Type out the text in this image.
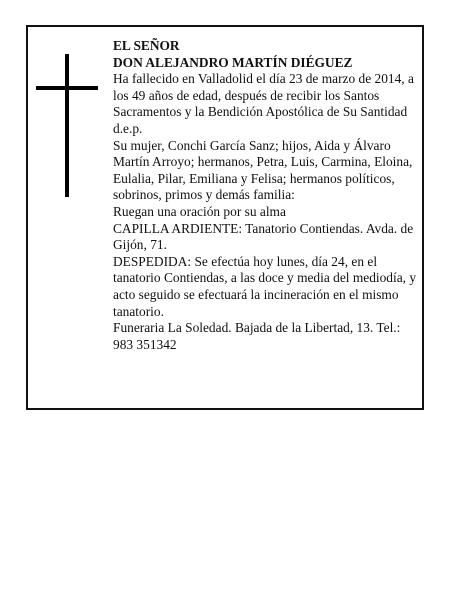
EL SEÑOR

DON ALEJANDRO MARTÍN DIÉGUEZ

Ha fallecido en Valladolid el día 23 de marzo de 2014, a los 49 años de edad, después de recibir los Santos Sacramentos y la Bendición Apostólica de Su Santidad d.e.p.

Su mujer, Conchi García Sanz; hijos, Aida y Álvaro Martín Arroyo; hermanos, Petra, Luis, Carmina, Eloina, Eulalia, Pilar, Emiliana y Felisa; hermanos políticos, sobrinos, primos y demás familia:

Ruegan una oración por su alma

CAPILLA ARDIENTE: Tanatorio Contiendas. Avda. de Gijón, 71.

DESPEDIDA: Se efectúa hoy lunes, día 24, en el tanatorio Contiendas, a las doce y media del mediodía, y acto seguido se efectuará la incineración en el mismo tanatorio.

Funeraria La Soledad. Bajada de la Libertad, 13. Tel.: 983 351342
